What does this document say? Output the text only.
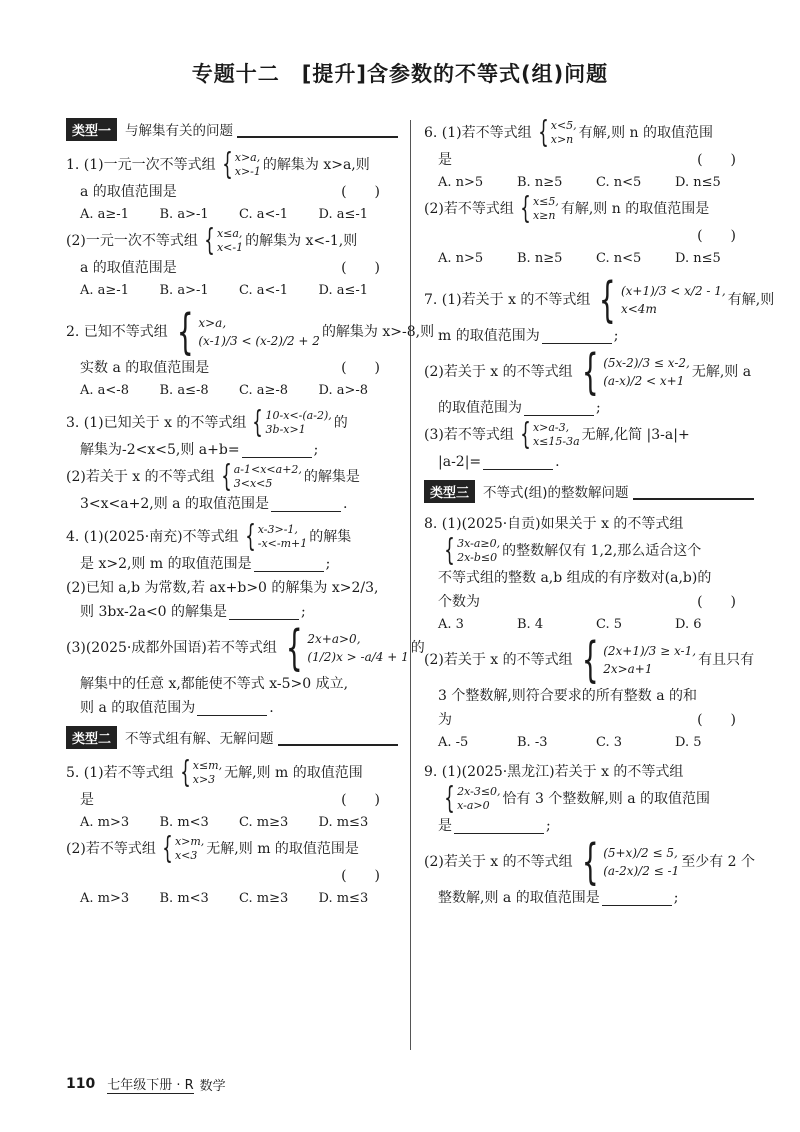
专题十二　[提升]含参数的不等式(组)问题
类型一	与解集有关的问题
1. (1)一元一次不等式组 { x>a,
x>-1 的解集为 x>a,则
a 的取值范围是	(　　)
A. a≥-1	B. a>-1	C. a<-1	D. a≤-1
(2)一元一次不等式组 { x≤a,
x<-1 的解集为 x<-1,则
a 的取值范围是	(　　)
A. a≥-1	B. a>-1	C. a<-1	D. a≤-1
2. 已知不等式组 { x>a,
(x-1)/3 < (x-2)/2 + 2
的解集为 x>-8,则
实数 a 的取值范围是	(　　)
A. a<-8	B. a≤-8	C. a≥-8	D. a>-8
3. (1)已知关于 x 的不等式组 { 10-x<-(a-2),
3b-x>1	的
解集为-2<x<5,则 a+b=	;
(2)若关于 x 的不等式组 { a-1<x<a+2,
3<x<5	的解集是
3<x<a+2,则 a 的取值范围是	.
4. (1)(2025·南充)不等式组 { x-3>-1,
-x<-m+1 的解集
是 x>2,则 m 的取值范围是	;
(2)已知 a,b 为常数,若 ax+b>0 的解集为 x>2/3,
则 3bx-2a<0 的解集是	;
(3)(2025·成都外国语)若不等式组 { 2x+a>0,
(1/2)x > -a/4 + 1
的
解集中的任意 x,都能使不等式 x-5>0 成立,
则 a 的取值范围为	.
类型二	不等式组有解、无解问题
5. (1)若不等式组 { x≤m,
x>3 无解,则 m 的取值范围
是	(　　)
A. m>3	B. m<3	C. m≥3	D. m≤3
(2)若不等式组 { x>m,
x<3 无解,则 m 的取值范围是
(　　)
A. m>3	B. m<3	C. m≥3	D. m≤3
6. (1)若不等式组 { x<5,
x>n 有解,则 n 的取值范围
是	(　　)
A. n>5	B. n≥5	C. n<5	D. n≤5
(2)若不等式组 { x≤5,
x≥n 有解,则 n 的取值范围是
(　　)
A. n>5	B. n≥5	C. n<5	D. n≤5
7. (1)若关于 x 的不等式组 { (x+1)/3 < x/2 - 1,
x<4m
有解,则
m 的取值范围为	;
(2)若关于 x 的不等式组 { (5x-2)/3 ≤ x-2,
(a-x)/2 < x+1
无解,则 a
的取值范围为	;
(3)若不等式组 { x>a-3,
x≤15-3a 无解,化简 |3-a|+
|a-2|=	.
类型三	不等式(组)的整数解问题
8. (1)(2025·自贡)如果关于 x 的不等式组
{ 3x-a≥0,
2x-b≤0 的整数解仅有 1,2,那么适合这个
不等式组的整数 a,b 组成的有序数对(a,b)的
个数为	(　　)
A. 3	B. 4	C. 5	D. 6
(2)若关于 x 的不等式组 { (2x+1)/3 ≥ x-1,
2x>a+1
有且只有
3 个整数解,则符合要求的所有整数 a 的和
为	(　　)
A. -5	B. -3	C. 3	D. 5
9. (1)(2025·黑龙江)若关于 x 的不等式组
{ 2x-3≤0,
x-a>0 恰有 3 个整数解,则 a 的取值范围
是	;
(2)若关于 x 的不等式组 { (5+x)/2 ≤ 5,
(a-2x)/2 ≤ -1
至少有 2 个
整数解,则 a 的取值范围是	;
110 七年级下册 · R 数学
